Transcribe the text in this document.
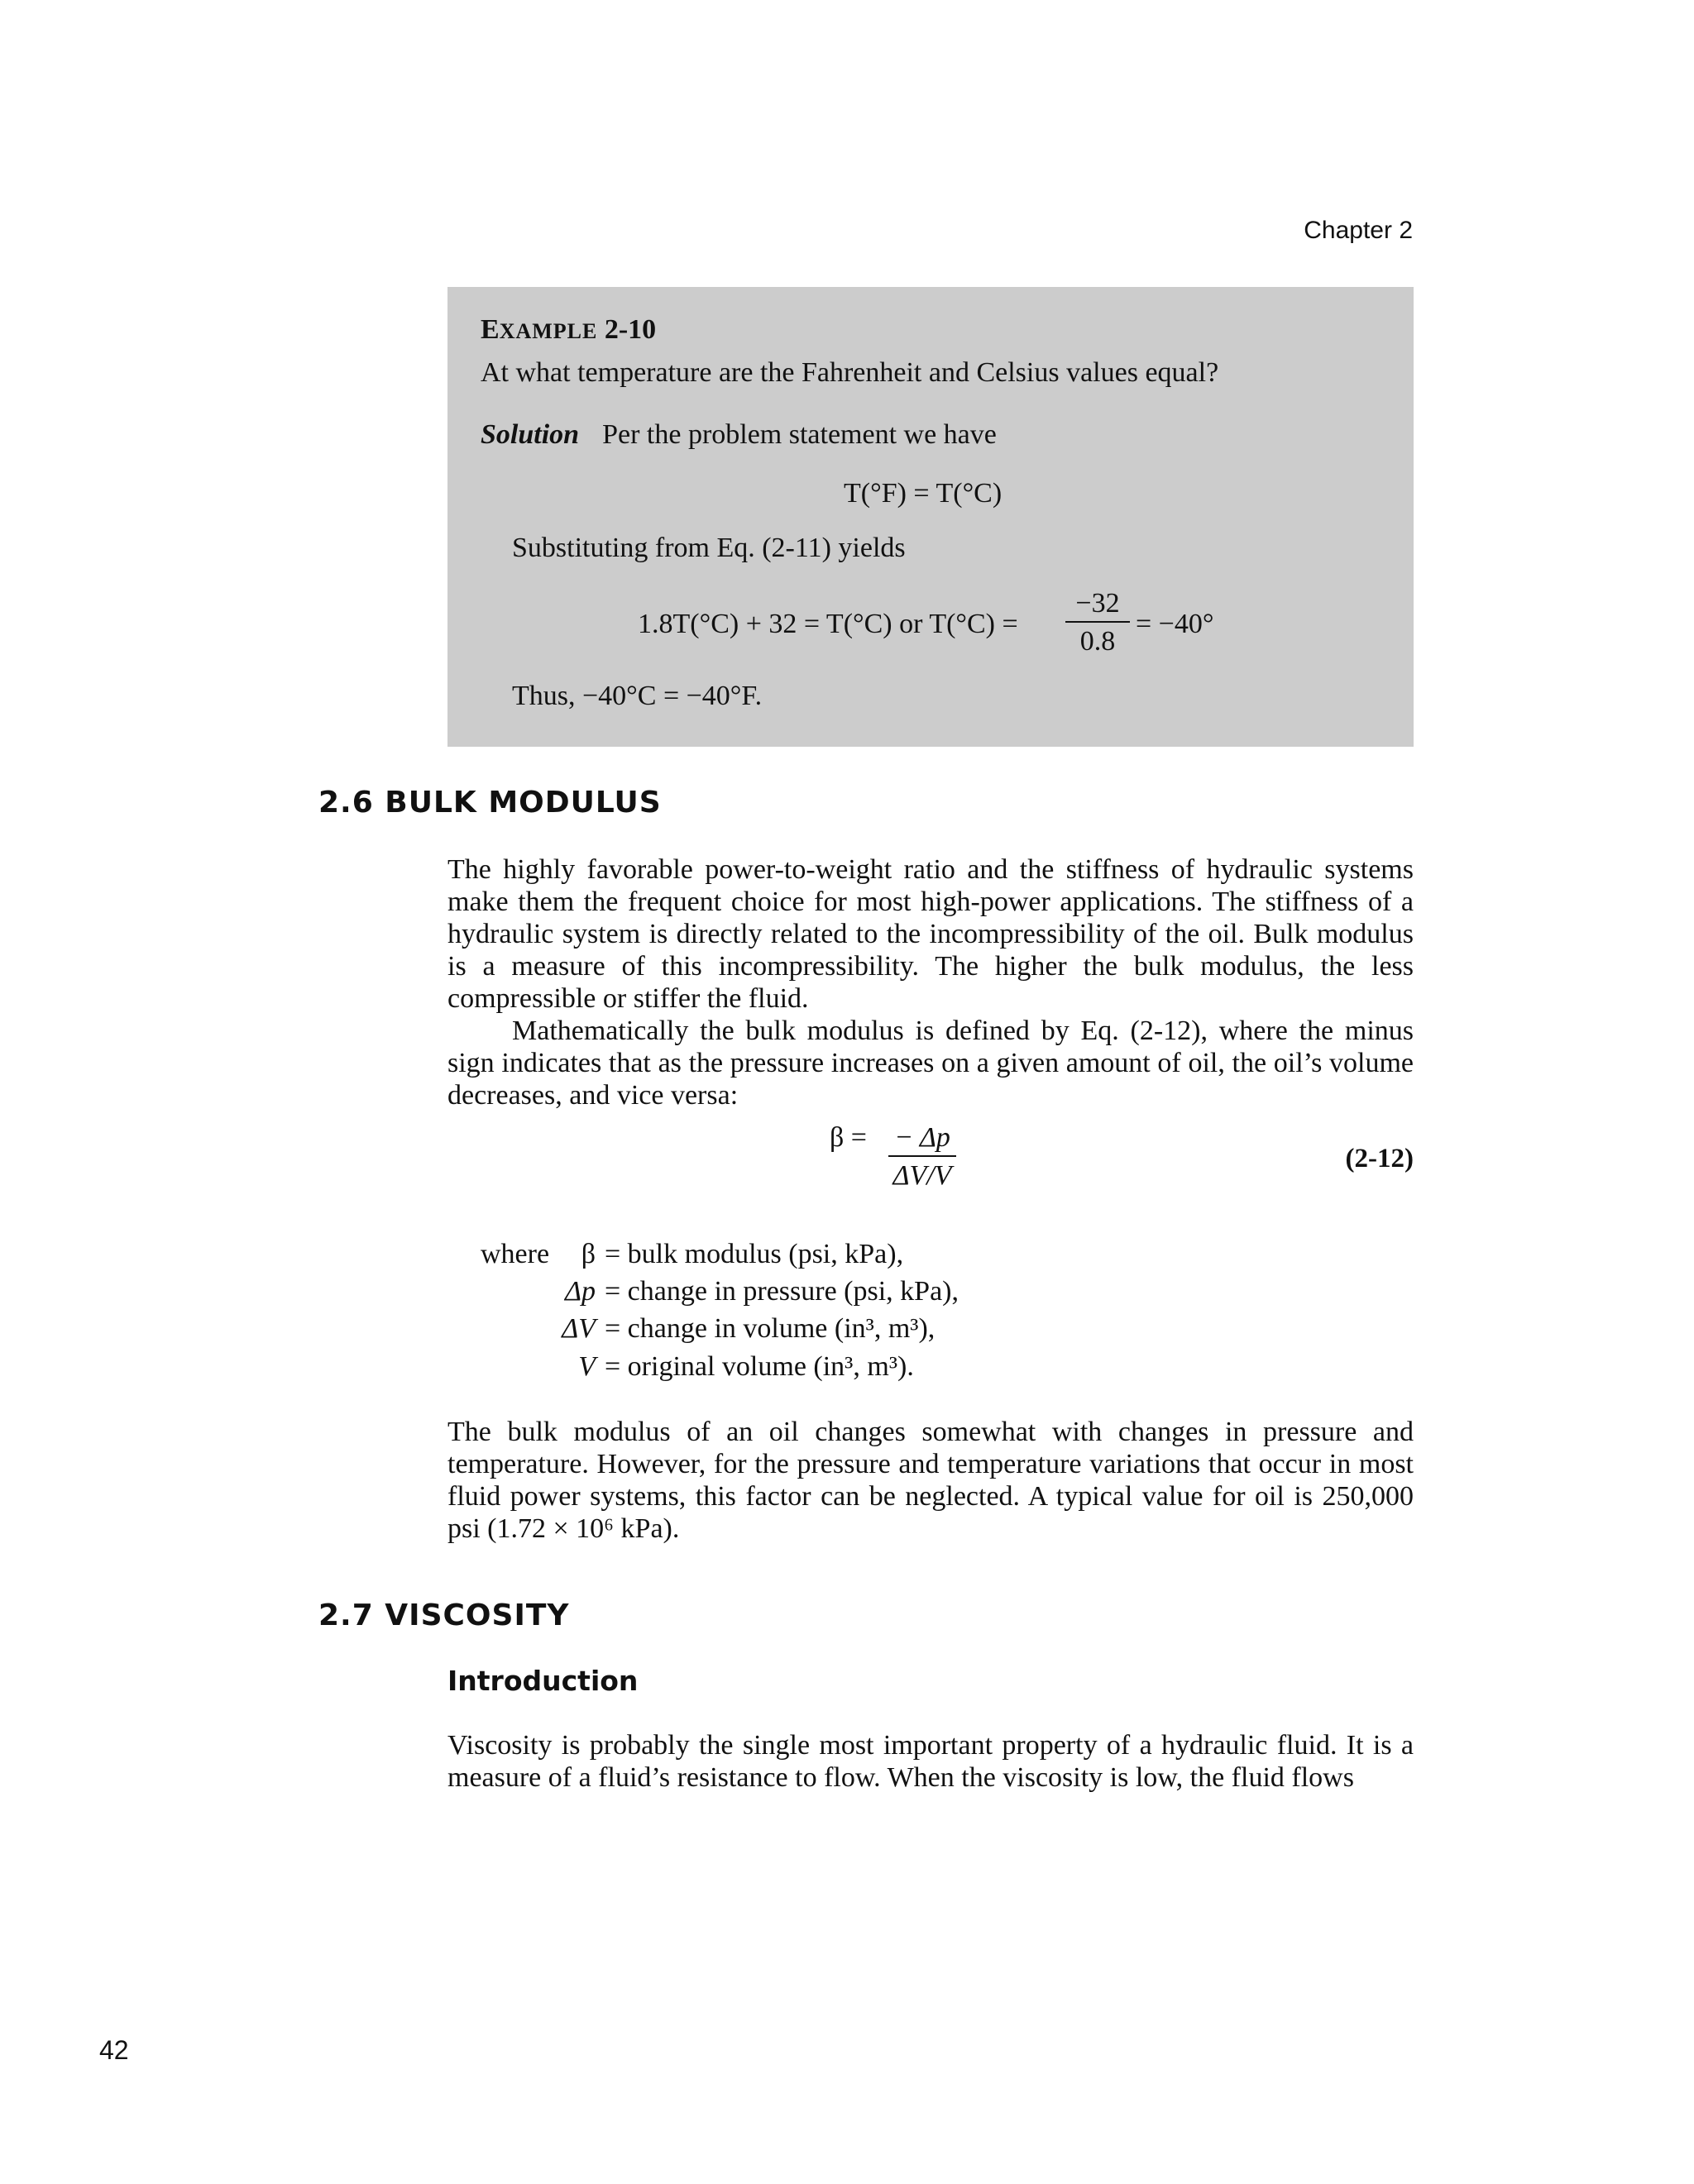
Chapter 2
EXAMPLE 2-10
At what temperature are the Fahrenheit and Celsius values equal?
Solution Per the problem statement we have
T(°F) = T(°C)
Substituting from Eq. (2-11) yields
1.8T(°C) + 32 = T(°C) or $T(^\circ C) = \frac{-32}{0.8} = -40^\circ$
Thus, −40°C = −40°F.
2.6 BULK MODULUS
The highly favorable power-to-weight ratio and the stiffness of hydraulic systems make them the frequent choice for most high-power applications. The stiffness of a hydraulic system is directly related to the incompressibility of the oil. Bulk modulus is a measure of this incompressibility. The higher the bulk modulus, the less compressible or stiffer the fluid.
Mathematically the bulk modulus is defined by Eq. (2-12), where the minus sign indicates that as the pressure increases on a given amount of oil, the oil’s volume decreases, and vice versa:
$\beta = \frac{- \Delta p}{\Delta V/V}$	(2-12)
where	β = bulk modulus (psi, kPa),
Δp = change in pressure (psi, kPa),
ΔV = change in volume (in³, m³),
V = original volume (in³, m³).
The bulk modulus of an oil changes somewhat with changes in pressure and temperature. However, for the pressure and temperature variations that occur in most fluid power systems, this factor can be neglected. A typical value for oil is 250,000 psi (1.72 × 10⁶ kPa).
2.7 VISCOSITY
Introduction
Viscosity is probably the single most important property of a hydraulic fluid. It is a measure of a fluid’s resistance to flow. When the viscosity is low, the fluid flows
42
